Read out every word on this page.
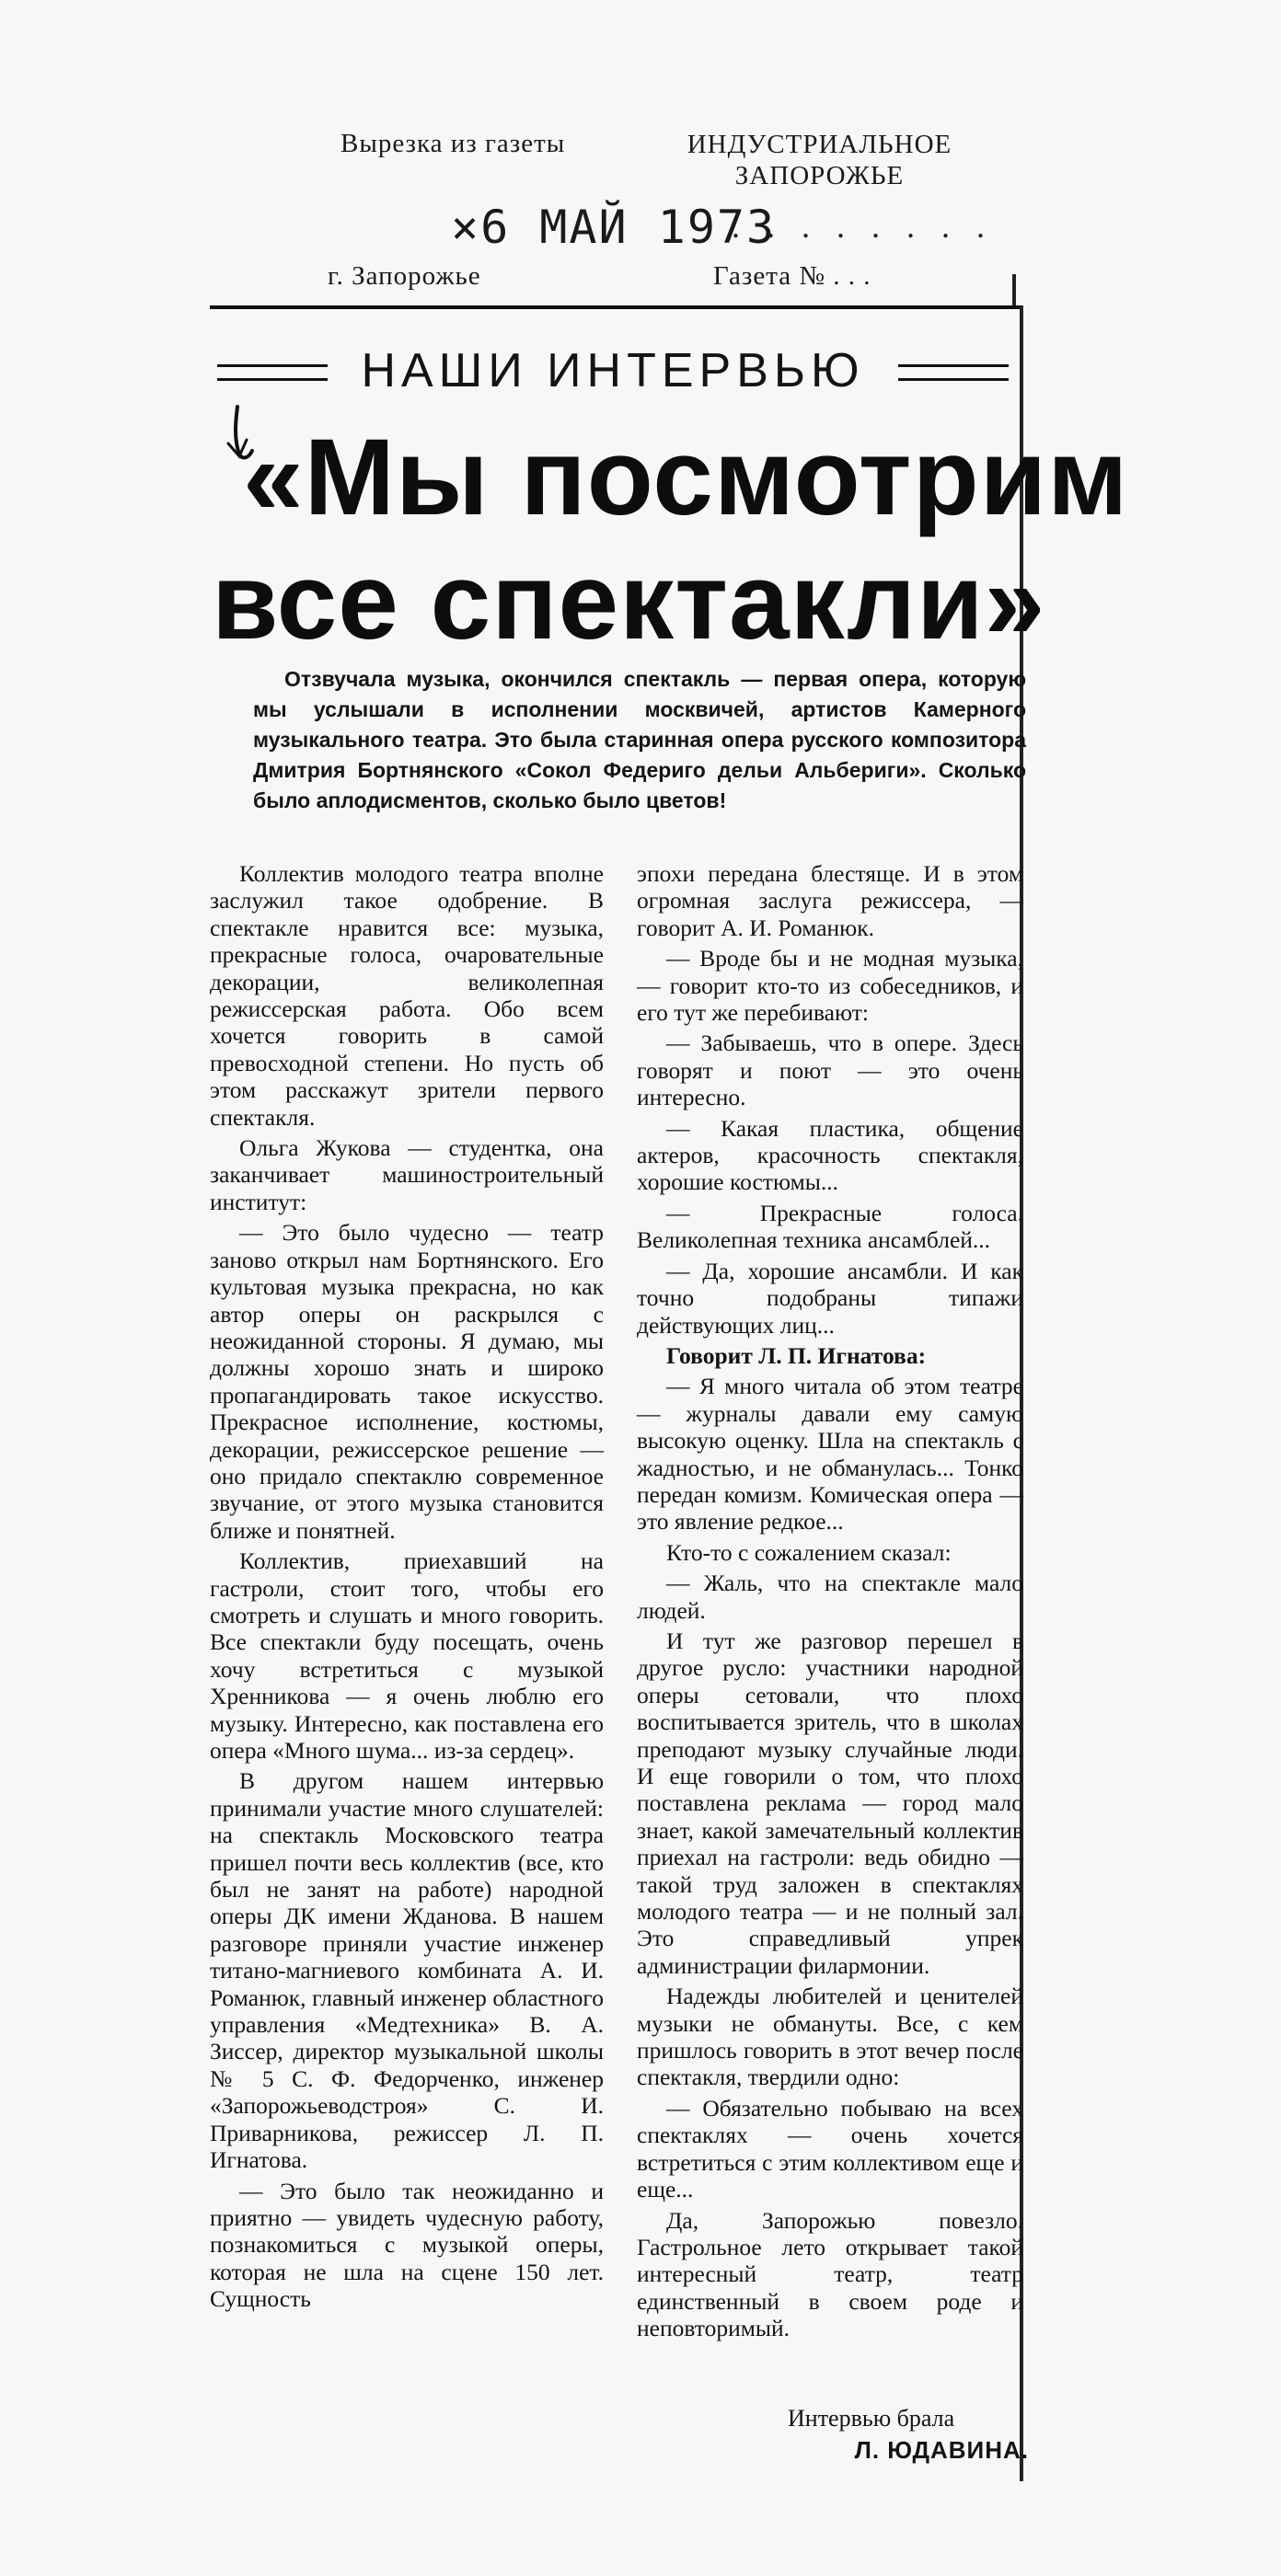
Вырезка из газеты	ИНДУСТРИАЛЬНОЕ ЗАПОРОЖЬЕ
×6 МАЙ 1973
. . . . . . . .
г. Запорожье	Газета № . . .
НАШИ ИНТЕРВЬЮ
«Мы посмотрим
все спектакли»
Отзвучала музыка, окончился спектакль — первая опера, которую мы услышали в исполнении москвичей, артистов Камерного музыкального театра. Это была старинная опера русского композитора Дмитрия Бортнянского «Сокол Федериго дельи Альбериги». Сколько было аплодисментов, сколько было цветов!

Коллектив молодого театра вполне заслужил такое одобрение. В спектакле нравится все: музыка, прекрасные голоса, очаровательные декорации, великолепная режиссерская работа. Обо всем хочется говорить в самой превосходной степени. Но пусть об этом расскажут зрители первого спектакля.

Ольга Жукова — студентка, она заканчивает машиностроительный институт:

— Это было чудесно — театр заново открыл нам Бортнянского. Его культовая музыка прекрасна, но как автор оперы он раскрылся с неожиданной стороны. Я думаю, мы должны хорошо знать и широко пропагандировать такое искусство. Прекрасное исполнение, костюмы, декорации, режиссерское решение — оно придало спектаклю современное звучание, от этого музыка становится ближе и понятней.

Коллектив, приехавший на гастроли, стоит того, чтобы его смотреть и слушать и много говорить. Все спектакли буду посещать, очень хочу встретиться с музыкой Хренникова — я очень люблю его музыку. Интересно, как поставлена его опера «Много шума... из-за сердец».

В другом нашем интервью принимали участие много слушателей: на спектакль Московского театра пришел почти весь коллектив (все, кто был не занят на работе) народной оперы ДК имени Жданова. В нашем разговоре приняли участие инженер титано-магниевого комбината А. И. Романюк, главный инженер областного управления «Медтехника» В. А. Зиссер, директор музыкальной школы № 5 С. Ф. Федорченко, инженер «Запорожьеводстроя» С. И. Приварникова, режиссер Л. П. Игнатова.

— Это было так неожиданно и приятно — увидеть чудесную работу, познакомиться с музыкой оперы, которая не шла на сцене 150 лет. Сущность

эпохи передана блестяще. И в этом огромная заслуга режиссера, — говорит А. И. Романюк.

— Вроде бы и не модная музыка, — говорит кто-то из собеседников, и его тут же перебивают:

— Забываешь, что в опере. Здесь говорят и поют — это очень интересно.

— Какая пластика, общение актеров, красочность спектакля, хорошие костюмы...

— Прекрасные голоса. Великолепная техника ансамблей...

— Да, хорошие ансамбли. И как точно подобраны типажи действующих лиц...

Говорит Л. П. Игнатова:

— Я много читала об этом театре — журналы давали ему самую высокую оценку. Шла на спектакль с жадностью, и не обманулась... Тонко передан комизм. Комическая опера — это явление редкое...

Кто-то с сожалением сказал:

— Жаль, что на спектакле мало людей.

И тут же разговор перешел в другое русло: участники народной оперы сетовали, что плохо воспитывается зритель, что в школах преподают музыку случайные люди. И еще говорили о том, что плохо поставлена реклама — город мало знает, какой замечательный коллектив приехал на гастроли: ведь обидно — такой труд заложен в спектаклях молодого театра — и не полный зал. Это справедливый упрек администрации филармонии.

Надежды любителей и ценителей музыки не обмануты. Все, с кем пришлось говорить в этот вечер после спектакля, твердили одно:

— Обязательно побываю на всех спектаклях — очень хочется встретиться с этим коллективом еще и еще...

Да, Запорожью повезло. Гастрольное лето открывает такой интересный театр, театр единственный в своем роде и неповторимый.

Интервью брала
Л. ЮДАВИНА.
